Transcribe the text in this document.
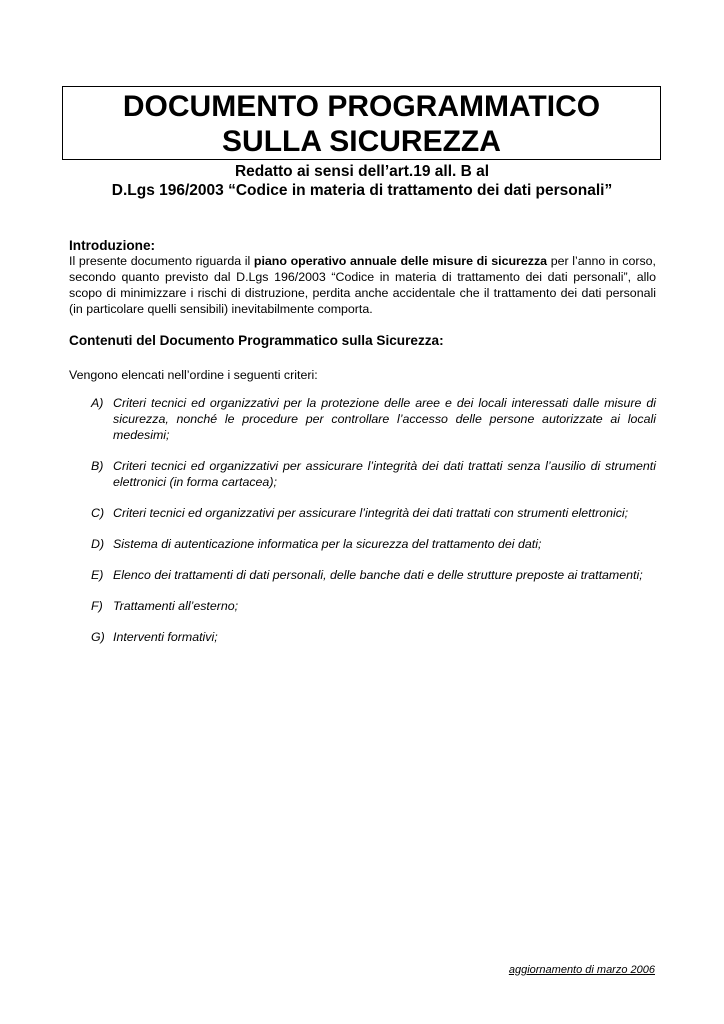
DOCUMENTO PROGRAMMATICO
SULLA SICUREZZA
Redatto ai sensi dell’art.19 all. B al
D.Lgs 196/2003 “Codice in materia di trattamento dei dati personali”
Introduzione:
Il presente documento riguarda il piano operativo annuale delle misure di sicurezza per l’anno in corso, secondo quanto previsto dal D.Lgs 196/2003 “Codice in materia di trattamento dei dati personali”, allo scopo di minimizzare i rischi di distruzione, perdita anche accidentale che il trattamento dei dati personali (in particolare quelli sensibili) inevitabilmente comporta.
Contenuti del Documento Programmatico sulla Sicurezza:
Vengono elencati nell’ordine i seguenti criteri:
A) Criteri tecnici ed organizzativi per la protezione delle aree e dei locali interessati dalle misure di sicurezza, nonché le procedure per controllare l’accesso delle persone autorizzate ai locali medesimi;
B) Criteri tecnici ed organizzativi per assicurare l’integrità dei dati trattati senza l’ausilio di strumenti elettronici (in forma cartacea);
C) Criteri tecnici ed organizzativi per assicurare l’integrità dei dati trattati con strumenti elettronici;
D) Sistema di autenticazione informatica per la sicurezza del trattamento dei dati;
E) Elenco dei trattamenti di dati personali, delle banche dati e delle strutture preposte ai trattamenti;
F) Trattamenti all’esterno;
G) Interventi formativi;
aggiornamento di marzo 2006
